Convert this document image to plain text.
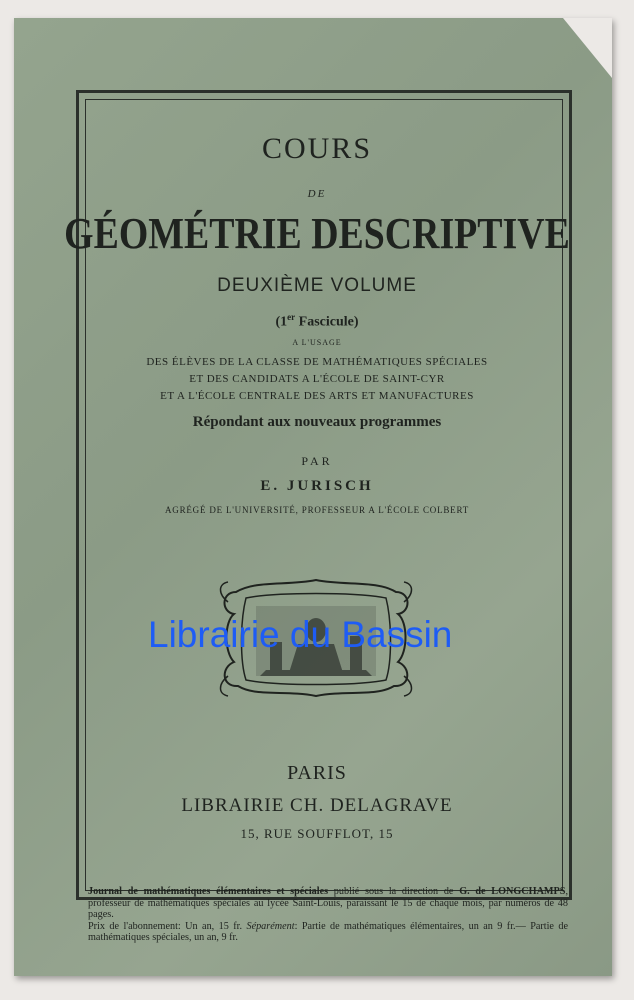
COURS
DE
GÉOMÉTRIE DESCRIPTIVE
DEUXIÈME VOLUME
(1er Fascicule)
A L'USAGE
DES ÉLÈVES DE LA CLASSE DE MATHÉMATIQUES SPÉCIALES
ET DES CANDIDATS A L'ÉCOLE DE SAINT-CYR
ET A L'ÉCOLE CENTRALE DES ARTS ET MANUFACTURES
Répondant aux nouveaux programmes
PAR
E. JURISCH
AGRÉGÉ DE L'UNIVERSITÉ, PROFESSEUR A L'ÉCOLE COLBERT
Librairie du Bassin
PARIS
LIBRAIRIE CH. DELAGRAVE
15, RUE SOUFFLOT, 15

Journal de mathématiques élémentaires et spéciales publié sous la direction de G. de LONGCHAMPS, professeur de mathématiques spéciales au lycée Saint-Louis, paraissant le 15 de chaque mois, par numéros de 48 pages.

Prix de l'abonnement: Un an, 15 fr. Séparément: Partie de mathématiques élémentaires, un an 9 fr.— Partie de mathématiques spéciales, un an, 9 fr.
